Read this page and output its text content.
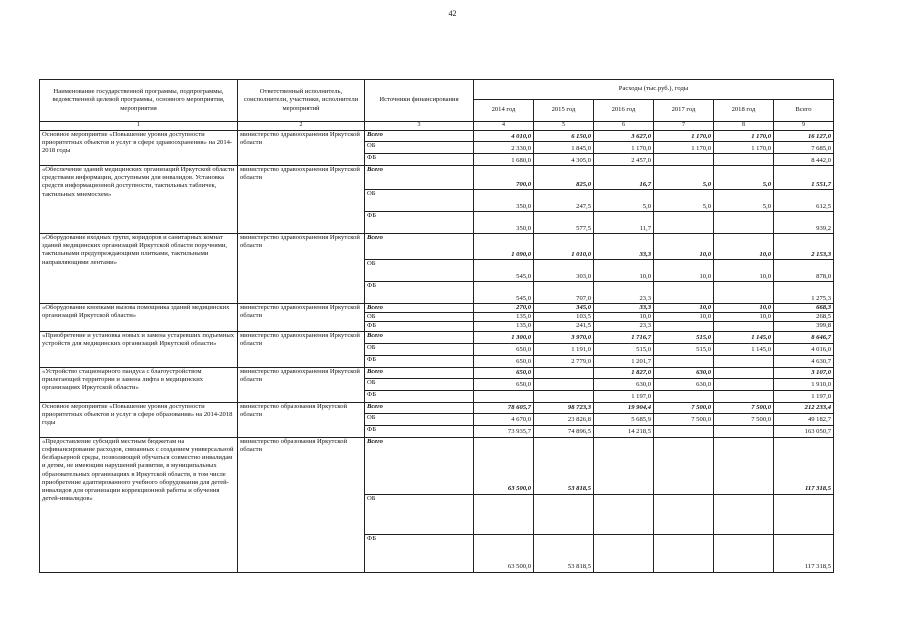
42
Наименование государственной программы, подпрограммы, ведомственной целевой программы, основного мероприятия, мероприятия	Ответственный исполнитель, соисполнители, участники, исполнители мероприятий	Источники финансирования	Расходы (тыс.руб.), годы					
			2014 год	2015 год	2016 год	2017 год	2018 год	Всего
1	2	3	4	5	6	7	8	9
Основное мероприятие «Повышение уровня доступности приоритетных объектов и услуг в сфере здравоохранения» на 2014-2018 годы	министерство здравоохранения Иркутской области	Всего	4 010,0	6 150,0	3 627,0	1 170,0	1 170,0	16 127,0
		ОБ	2 330,0	1 845,0	1 170,0	1 170,0	1 170,0	7 685,0
		ФБ	1 680,0	4 305,0	2 457,0			8 442,0
«Обеспечение зданий медицинских организаций Иркутской области средствами информации, доступными для инвалидов. Установка средств информационной доступности, тактильных табличек, тактильных мнемосхем»	министерство здравоохранения Иркутской области	Всего	700,0	825,0	16,7	5,0	5,0	1 551,7
		ОБ	350,0	247,5	5,0	5,0	5,0	612,5
		ФБ	350,0	577,5	11,7			939,2
«Оборудование входных групп, коридоров и санитарных комнат зданий медицинских организаций Иркутской области поручнями, тактильными предупреждающими плитками, тактильными направляющими лентами»	министерство здравоохранения Иркутской области	Всего	1 090,0	1 010,0	33,3	10,0	10,0	2 153,3
		ОБ	545,0	303,0	10,0	10,0	10,0	878,0
		ФБ	545,0	707,0	23,3			1 275,3
«Оборудование кнопками вызова помощника зданий медицинских организаций Иркутской области»	министерство здравоохранения Иркутской области	Всего	270,0	345,0	33,3	10,0	10,0	668,3
		ОБ	135,0	103,5	10,0	10,0	10,0	268,5
		ФБ	135,0	241,5	23,3			399,8
«Приобретение и установка новых и замена устаревших подъемных устройств для медицинских организаций Иркутской области»	министерство здравоохранения Иркутской области	Всего	1 300,0	3 970,0	1 716,7	515,0	1 145,0	8 646,7
		ОБ	650,0	1 191,0	515,0	515,0	1 145,0	4 016,0
		ФБ	650,0	2 779,0	1 201,7			4 630,7
«Устройство стационарного пандуса с благоустройством прилегающей территории и замена лифта в медицинских организациях Иркутской области»	министерство здравоохранения Иркутской области	Всего	650,0		1 827,0	630,0		3 107,0
		ОБ	650,0		630,0	630,0		1 910,0
		ФБ			1 197,0			1 197,0
Основное мероприятие «Повышение уровня доступности приоритетных объектов и услуг в сфере образования» на 2014-2018 годы	министерство образования Иркутской области	Всего	78 605,7	98 723,3	19 904,4	7 500,0	7 500,0	212 233,4
		ОБ	4 670,0	23 826,8	5 685,9	7 500,0	7 500,0	49 182,7
		ФБ	73 935,7	74 896,5	14 218,5			163 050,7
«Предоставление субсидий местным бюджетам на софинансирование расходов, связанных с созданием универсальной безбарьерной среды, позволяющей обучаться совместно инвалидам и детям, не имеющим нарушений развития, в муниципальных образовательных организациях в Иркутской области, в том числе приобретение адаптированного учебного оборудования для детей-инвалидов для организации коррекционной работы и обучения детей-инвалидов»	министерство образования Иркутской области	Всего	63 500,0	53 818,5				117 318,5
		ОБ						
		ФБ	63 500,0	53 818,5				117 318,5
